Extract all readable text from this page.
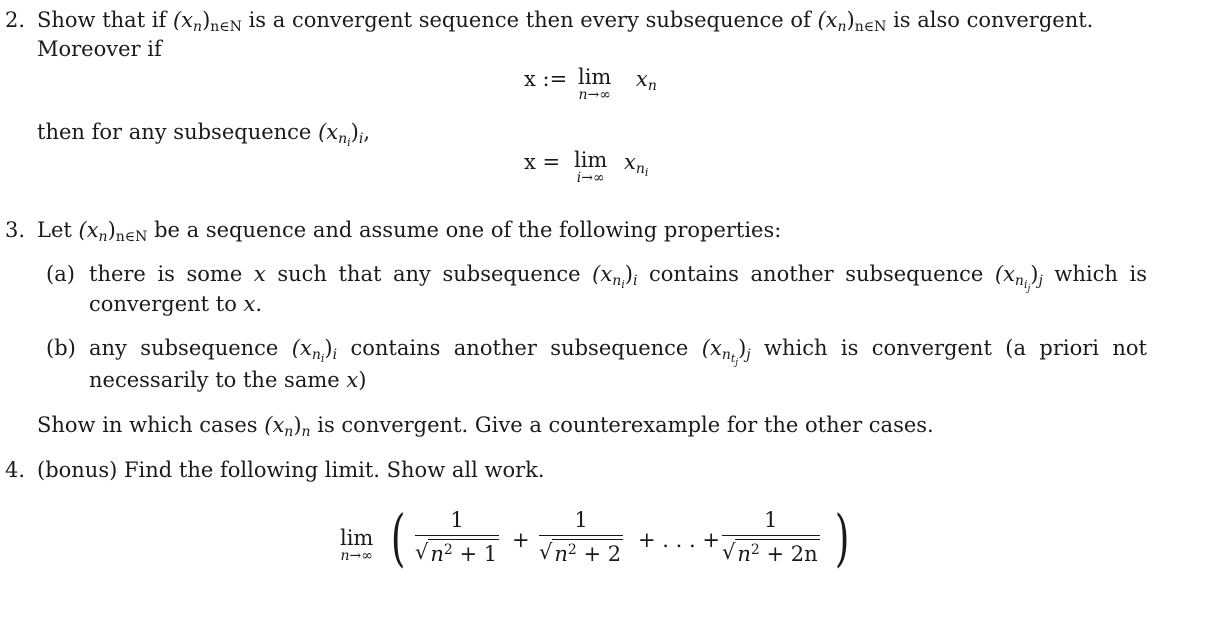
2. Show that if $(x_n)_{n\in N}$ is a convergent sequence then every subsequence of $(x_n)_{n\in N}$ is also convergent.
Moreover if
x := lim
n→∞
$x_n$
then for any subsequence $(x_{n_i})_i$,
x = lim
i→∞
$x_{n_i}$
3. Let $(x_n)_{n\in N}$ be a sequence and assume one of the following properties:
(a) there is some x such that any subsequence $(x_{n_i})_i$ contains another subsequence $(x_{n_{i_j}})_j$ which is
convergent to x.
(b) any subsequence $(x_{n_i})_i$ contains another subsequence $(x_{n_{t_j}})_j$ which is convergent (a priori not
necessarily to the same x)
Show in which cases $(x_n)_n$ is convergent. Give a counterexample for the other cases.
4. (bonus) Find the following limit. Show all work.
lim
n→∞ ( 1
√ $n^2 + 1$
+
1
√ $n^2 + 2$
+ . . . +
1
√ $n^2 + 2n$ )
